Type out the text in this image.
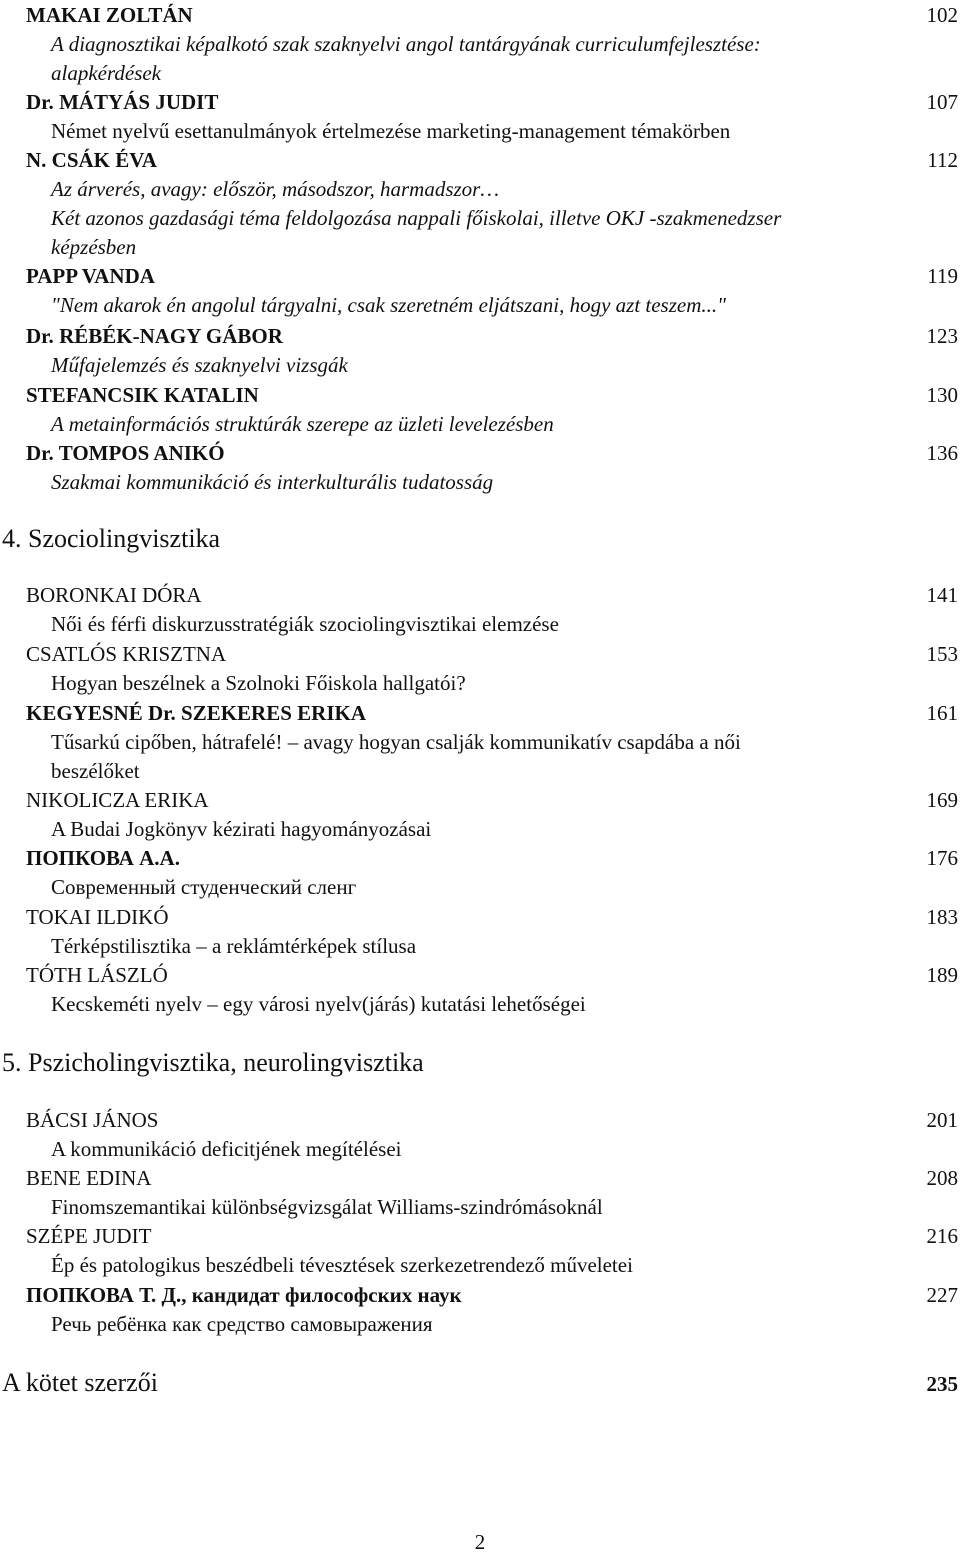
MAKAI ZOLTÁN	102
A diagnosztikai képalkotó szak szaknyelvi angol tantárgyának curriculumfejlesztése:
alapkérdések
Dr. MÁTYÁS JUDIT	107
Német nyelvű esettanulmányok értelmezése marketing-management témakörben
N. CSÁK ÉVA	112
Az árverés, avagy: először, másodszor, harmadszor…
Két azonos gazdasági téma feldolgozása nappali főiskolai, illetve OKJ -szakmenedzser
képzésben
PAPP VANDA	119
"Nem akarok én angolul tárgyalni, csak szeretném eljátszani, hogy azt teszem..."
Dr. RÉBÉK-NAGY GÁBOR	123
Műfajelemzés és szaknyelvi vizsgák
STEFANCSIK KATALIN	130
A metainformációs struktúrák szerepe az üzleti levelezésben
Dr. TOMPOS ANIKÓ	136
Szakmai kommunikáció és interkulturális tudatosság
4. Szociolingvisztika
BORONKAI DÓRA	141
Női és férfi diskurzusstratégiák szociolingvisztikai elemzése
CSATLÓS KRISZTNA	153
Hogyan beszélnek a Szolnoki Főiskola hallgatói?
KEGYESNÉ Dr. SZEKERES ERIKA	161
Tűsarkú cipőben, hátrafelé! – avagy hogyan csalják kommunikatív csapdába a női
beszélőket
NIKOLICZA ERIKA	169
A Budai Jogkönyv kézirati hagyományozásai
ПОПКОВА А.А.	176
Современный студенческий сленг
TOKAI ILDIKÓ	183
Térképstilisztika – a reklámtérképek stílusa
TÓTH LÁSZLÓ	189
Kecskeméti nyelv – egy városi nyelv(járás) kutatási lehetőségei
5. Pszicholingvisztika, neurolingvisztika
BÁCSI JÁNOS	201
A kommunikáció deficitjének megítélései
BENE EDINA	208
Finomszemantikai különbségvizsgálat Williams-szindrómásoknál
SZÉPE JUDIT	216
Ép és patologikus beszédbeli tévesztések szerkezetrendező műveletei
ПОПКОВА Т. Д., кандидат философских наук	227
Речь ребёнка как средство самовыражения
A kötet szerzői	235
2
